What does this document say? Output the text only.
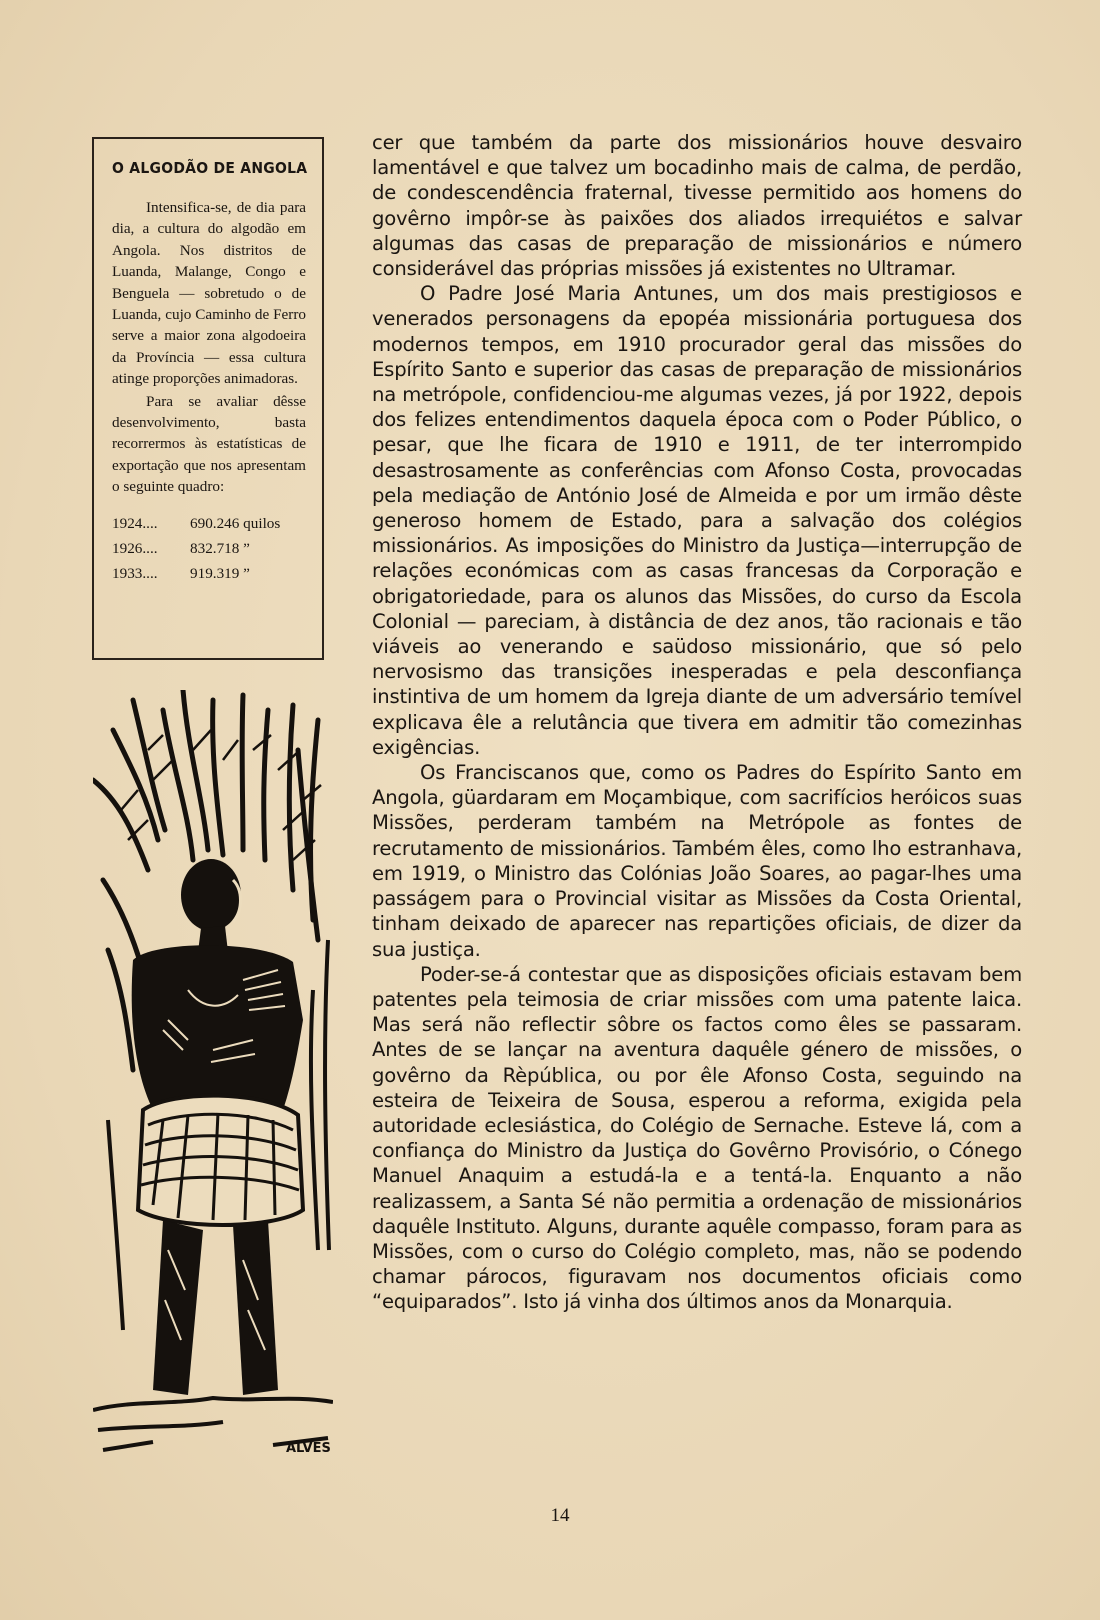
O ALGODÃO DE ANGOLA

Intensifica-se, de dia para dia, a cultura do algodão em Angola. Nos distritos de Luanda, Malange, Congo e Benguela — sobretudo o de Luanda, cujo Caminho de Ferro serve a maior zona algodoeira da Província — essa cultura atinge proporções animadoras.

Para se avaliar dêsse desenvolvimento, basta recorrermos às estatísticas de exportação que nos apresentam o seguinte quadro:

1924.... 690.246 quilos
1926.... 832.718 ”
1933.... 919.319 ”
ALVES

cer que também da parte dos missionários houve desvairo lamentável e que talvez um bocadinho mais de calma, de perdão, de condescendência fraternal, tivesse permitido aos homens do govêrno impôr-se às paixões dos aliados irrequiétos e salvar algumas das casas de preparação de missionários e número considerável das próprias missões já existentes no Ultramar.

O Padre José Maria Antunes, um dos mais prestigiosos e venerados personagens da epopéa missionária portuguesa dos modernos tempos, em 1910 procurador geral das missões do Espírito Santo e superior das casas de preparação de missionários na metrópole, confidenciou-me algumas vezes, já por 1922, depois dos felizes entendimentos daquela época com o Poder Público, o pesar, que lhe ficara de 1910 e 1911, de ter interrompido desastrosamente as conferências com Afonso Costa, provocadas pela mediação de António José de Almeida e por um irmão dêste generoso homem de Estado, para a salvação dos colégios missionários. As imposições do Ministro da Justiça—interrupção de relações económicas com as casas francesas da Corporação e obrigatoriedade, para os alunos das Missões, do curso da Escola Colonial — pareciam, à distância de dez anos, tão racionais e tão viáveis ao venerando e saüdoso missionário, que só pelo nervosismo das transições inesperadas e pela desconfiança instintiva de um homem da Igreja diante de um adversário temível explicava êle a relutância que tivera em admitir tão comezinhas exigências.

Os Franciscanos que, como os Padres do Espírito Santo em Angola, güardaram em Moçambique, com sacrifícios heróicos suas Missões, perderam também na Metrópole as fontes de recrutamento de missionários. Também êles, como lho estranhava, em 1919, o Ministro das Colónias João Soares, ao pagar-lhes uma passágem para o Provincial visitar as Missões da Costa Oriental, tinham deixado de aparecer nas repartições oficiais, de dizer da sua justiça.

Poder-se-á contestar que as disposições oficiais estavam bem patentes pela teimosia de criar missões com uma patente laica. Mas será não reflectir sôbre os factos como êles se passaram. Antes de se lançar na aventura daquêle género de missões, o govêrno da Rèpública, ou por êle Afonso Costa, seguindo na esteira de Teixeira de Sousa, esperou a reforma, exigida pela autoridade eclesiástica, do Colégio de Sernache. Esteve lá, com a confiança do Ministro da Justiça do Govêrno Provisório, o Cónego Manuel Anaquim a estudá-la e a tentá-la. Enquanto a não realizassem, a Santa Sé não permitia a ordenação de missionários daquêle Instituto. Alguns, durante aquêle compasso, foram para as Missões, com o curso do Colégio completo, mas, não se podendo chamar párocos, figuravam nos documentos oficiais como “equiparados”. Isto já vinha dos últimos anos da Monarquia.

14
